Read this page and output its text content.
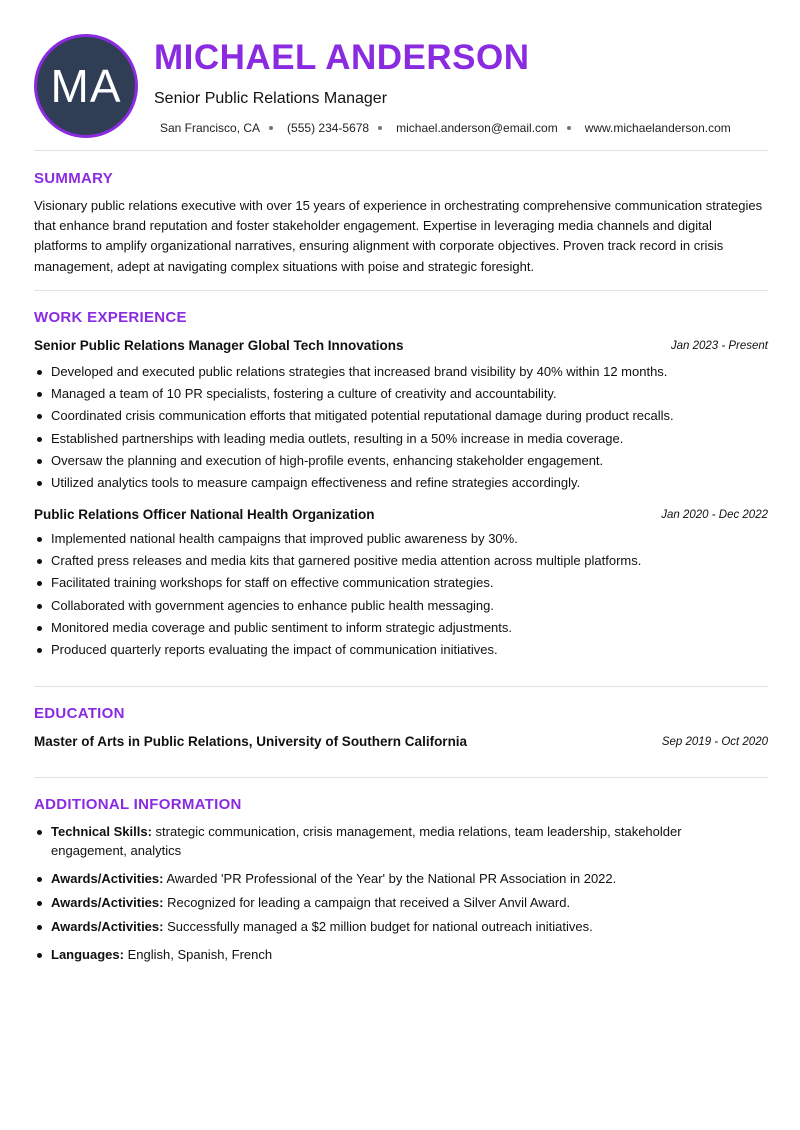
MA
MICHAEL ANDERSON
Senior Public Relations Manager
San Francisco, CA (555) 234-5678 michael.anderson@email.com www.michaelanderson.com
SUMMARY
Visionary public relations executive with over 15 years of experience in orchestrating comprehensive communication strategies that enhance brand reputation and foster stakeholder engagement. Expertise in leveraging media channels and digital platforms to amplify organizational narratives, ensuring alignment with corporate objectives. Proven track record in crisis management, adept at navigating complex situations with poise and strategic foresight.
WORK EXPERIENCE
Senior Public Relations Manager Global Tech Innovations	Jan 2023 - Present
Developed and executed public relations strategies that increased brand visibility by 40% within 12 months.
Managed a team of 10 PR specialists, fostering a culture of creativity and accountability.
Coordinated crisis communication efforts that mitigated potential reputational damage during product recalls.
Established partnerships with leading media outlets, resulting in a 50% increase in media coverage.
Oversaw the planning and execution of high-profile events, enhancing stakeholder engagement.
Utilized analytics tools to measure campaign effectiveness and refine strategies accordingly.
Public Relations Officer National Health Organization	Jan 2020 - Dec 2022
Implemented national health campaigns that improved public awareness by 30%.
Crafted press releases and media kits that garnered positive media attention across multiple platforms.
Facilitated training workshops for staff on effective communication strategies.
Collaborated with government agencies to enhance public health messaging.
Monitored media coverage and public sentiment to inform strategic adjustments.
Produced quarterly reports evaluating the impact of communication initiatives.
EDUCATION
Master of Arts in Public Relations, University of Southern California	Sep 2019 - Oct 2020
ADDITIONAL INFORMATION
Technical Skills: strategic communication, crisis management, media relations, team leadership, stakeholder engagement, analytics
Awards/Activities: Awarded 'PR Professional of the Year' by the National PR Association in 2022.
Awards/Activities: Recognized for leading a campaign that received a Silver Anvil Award.
Awards/Activities: Successfully managed a $2 million budget for national outreach initiatives.
Languages: English, Spanish, French
